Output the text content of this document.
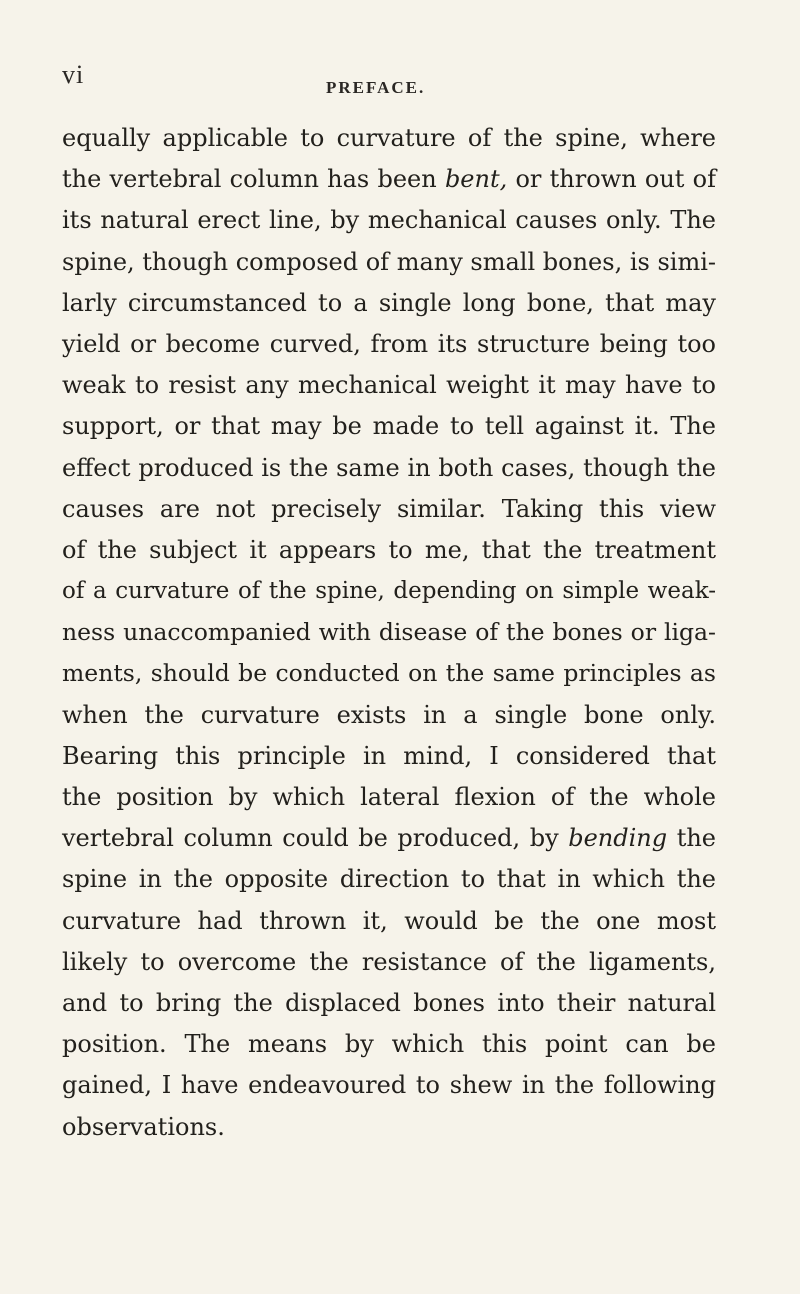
vi	PREFACE.
equally applicable to curvature of the spine, where
the vertebral column has been bent, or thrown out of
its natural erect line, by mechanical causes only. The
spine, though composed of many small bones, is simi-
larly circumstanced to a single long bone, that may
yield or become curved, from its structure being too
weak to resist any mechanical weight it may have to
support, or that may be made to tell against it. The
effect produced is the same in both cases, though the
causes are not precisely similar. Taking this view
of the subject it appears to me, that the treatment
of a curvature of the spine, depending on simple weak-
ness unaccompanied with disease of the bones or liga-
ments, should be conducted on the same principles as
when the curvature exists in a single bone only.
Bearing this principle in mind, I considered that
the position by which lateral flexion of the whole
vertebral column could be produced, by bending the
spine in the opposite direction to that in which the
curvature had thrown it, would be the one most
likely to overcome the resistance of the ligaments,
and to bring the displaced bones into their natural
position. The means by which this point can be
gained, I have endeavoured to shew in the following
observations.
